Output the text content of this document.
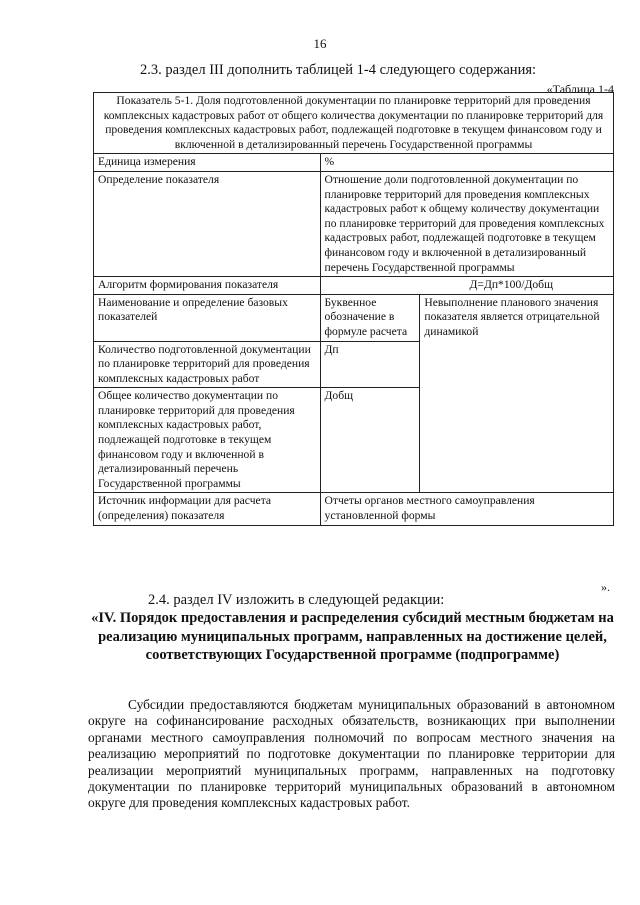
16
2.3. раздел III дополнить таблицей 1-4 следующего содержания:
«Таблица 1-4
Показатель 5-1. Доля подготовленной документации по планировке территорий для проведения комплексных кадастровых работ от общего количества документации по планировке территорий для проведения комплексных кадастровых работ, подлежащей подготовке в текущем финансовом году и включенной в детализированный перечень Государственной программы		
Единица измерения	%	
Определение показателя	Отношение доли подготовленной документации по планировке территорий для проведения комплексных кадастровых работ к общему количеству документации по планировке территорий для проведения комплексных кадастровых работ, подлежащей подготовке в текущем финансовом году и включенной в детализированный перечень Государственной программы	
Алгоритм формирования показателя	Д=Дп*100/Добщ	
Наименование и определение базовых показателей	Буквенное обозначение в формуле расчета	Невыполнение планового значения показателя является отрицательной динамикой
Количество подготовленной документации по планировке территорий для проведения комплексных кадастровых работ	Дп	
Общее количество документации по планировке территорий для проведения комплексных кадастровых работ, подлежащей подготовке в текущем финансовом году и включенной в детализированный перечень Государственной программы	Добщ	
Источник информации для расчета (определения) показателя	Отчеты органов местного самоуправления установленной формы	
».
2.4. раздел IV изложить в следующей редакции:
«IV. Порядок предоставления и распределения субсидий местным бюджетам на реализацию муниципальных программ, направленных на достижение целей, соответствующих Государственной программе (подпрограмме)
Субсидии предоставляются бюджетам муниципальных образований в автономном округе на софинансирование расходных обязательств, возникающих при выполнении органами местного самоуправления полномочий по вопросам местного значения на реализацию мероприятий по подготовке документации по планировке территории для реализации мероприятий муниципальных программ, направленных на подготовку документации по планировке территорий муниципальных образований в автономном округе для проведения комплексных кадастровых работ.
